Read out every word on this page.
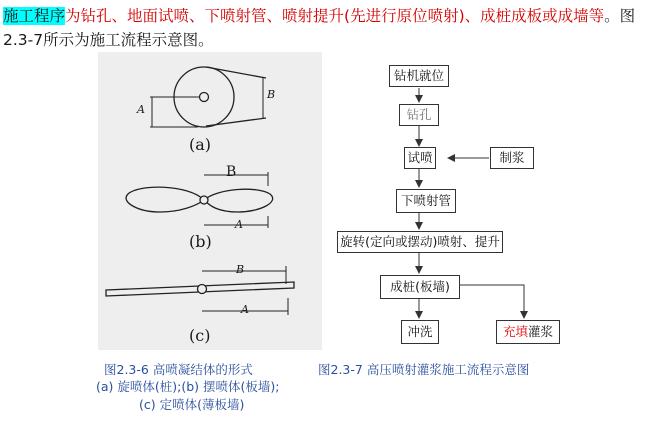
施工程序为钻孔、地面试喷、下喷射管、喷射提升(先进行原位喷射)、成桩成板或成墙等。图2.3-7所示为施工流程示意图。
(a)
B
A
B
A
(b)
B
A
(c)
钻机就位
钻孔
试喷	制浆
下喷射管
旋转(定向或摆动)喷射、提升
成桩(板墙)
冲洗	充填灌浆
图2.3-6 高喷凝结体的形式
(a) 旋喷体(桩);(b) 摆喷体(板墙);
(c) 定喷体(薄板墙)
图2.3-7 高压喷射灌浆施工流程示意图
